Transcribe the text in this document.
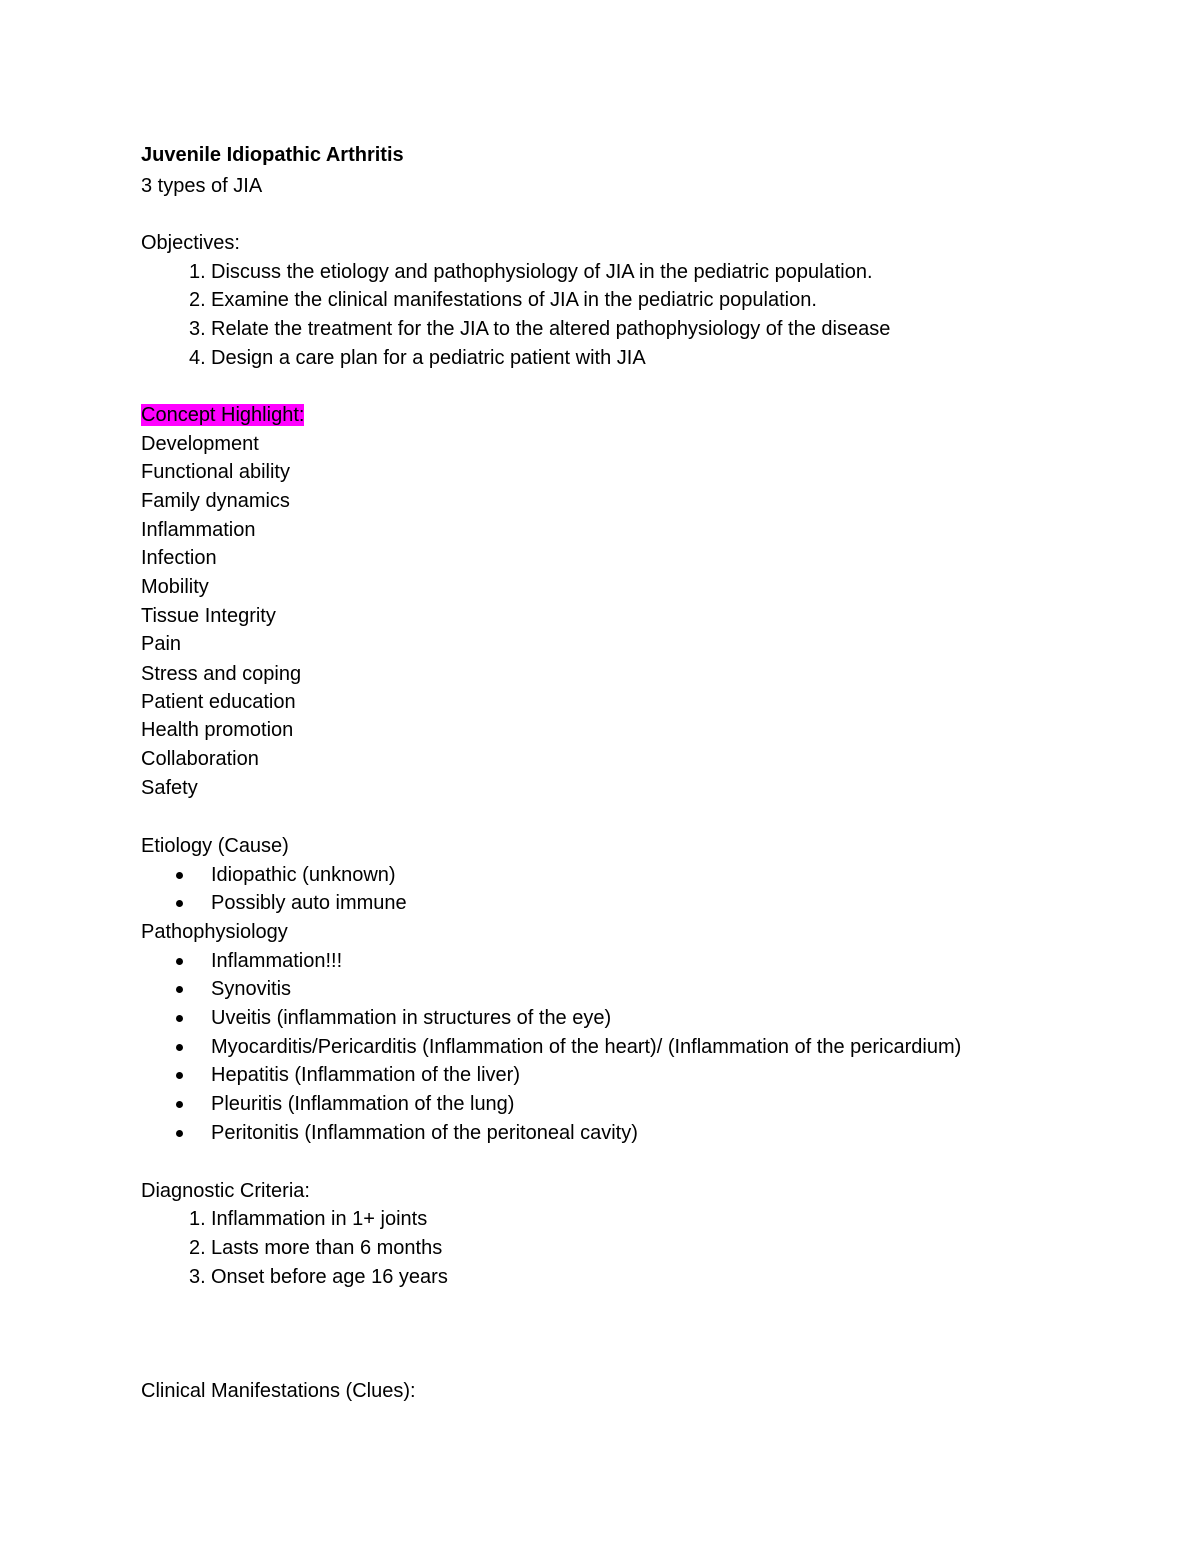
Juvenile Idiopathic Arthritis
3 types of JIA
Objectives:
1. Discuss the etiology and pathophysiology of JIA in the pediatric population.
2. Examine the clinical manifestations of JIA in the pediatric population.
3. Relate the treatment for the JIA to the altered pathophysiology of the disease
4. Design a care plan for a pediatric patient with JIA
Concept Highlight:
Development
Functional ability
Family dynamics
Inflammation
Infection
Mobility
Tissue Integrity
Pain
Stress and coping
Patient education
Health promotion
Collaboration
Safety
Etiology (Cause)
Idiopathic (unknown)
Possibly auto immune
Pathophysiology
Inflammation!!!
Synovitis
Uveitis (inflammation in structures of the eye)
Myocarditis/Pericarditis (Inflammation of the heart)/ (Inflammation of the pericardium)
Hepatitis (Inflammation of the liver)
Pleuritis (Inflammation of the lung)
Peritonitis (Inflammation of the peritoneal cavity)
Diagnostic Criteria:
1. Inflammation in 1+ joints
2. Lasts more than 6 months
3. Onset before age 16 years
Clinical Manifestations (Clues):
